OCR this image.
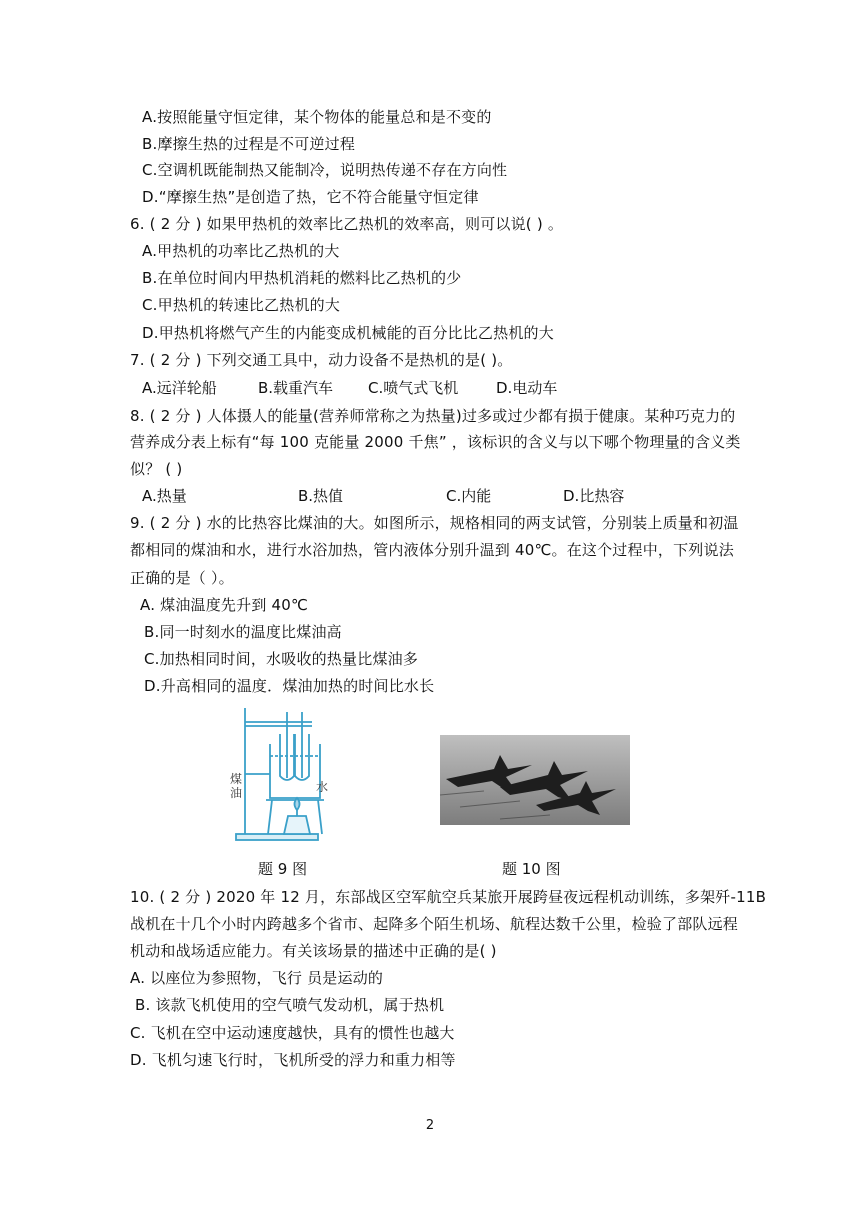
A.按照能量守恒定律，某个物体的能量总和是不变的
B.摩擦生热的过程是不可逆过程
C.空调机既能制热又能制冷，说明热传递不存在方向性
D.“摩擦生热”是创造了热，它不符合能量守恒定律
6. ( 2 分 ) 如果甲热机的效率比乙热机的效率高，则可以说( ) 。
A.甲热机的功率比乙热机的大
B.在单位时间内甲热机消耗的燃料比乙热机的少
C.甲热机的转速比乙热机的大
D.甲热机将燃气产生的内能变成机械能的百分比比乙热机的大
7. ( 2 分 ) 下列交通工具中，动力设备不是热机的是( )。
A.远洋轮船	B.载重汽车 C.喷气式飞机	D.电动车
8. ( 2 分 ) 人体摄人的能量(营养师常称之为热量)过多或过少都有损于健康。某种巧克力的
营养成分表上标有“每 100 克能量 2000 千焦” ，该标识的含义与以下哪个物理量的含义类
似？ ( )
A.热量	B.热值	C.内能	D.比热容
9. ( 2 分 ) 水的比热容比煤油的大。如图所示，规格相同的两支试管，分别装上质量和初温
都相同的煤油和水，进行水浴加热，管内液体分别升温到 40℃。在这个过程中，下列说法
正确的是（ ）。
A. 煤油温度先升到 40℃
B.同一时刻水的温度比煤油高
C.加热相同时间，水吸收的热量比煤油多
D.升高相同的温度．煤油加热的时间比水长
煤油	水
题 9 图	题 10 图
10. ( 2 分 ) 2020 年 12 月，东部战区空军航空兵某旅开展跨昼夜远程机动训练，多架歼-11B
战机在十几个小时内跨越多个省市、起降多个陌生机场、航程达数千公里，检验了部队远程
机动和战场适应能力。有关该场景的描述中正确的是( )
A. 以座位为参照物，飞行 员是运动的
B. 该款飞机使用的空气喷气发动机，属于热机
C. 飞机在空中运动速度越快，具有的惯性也越大
D. 飞机匀速飞行时，飞机所受的浮力和重力相等
2
